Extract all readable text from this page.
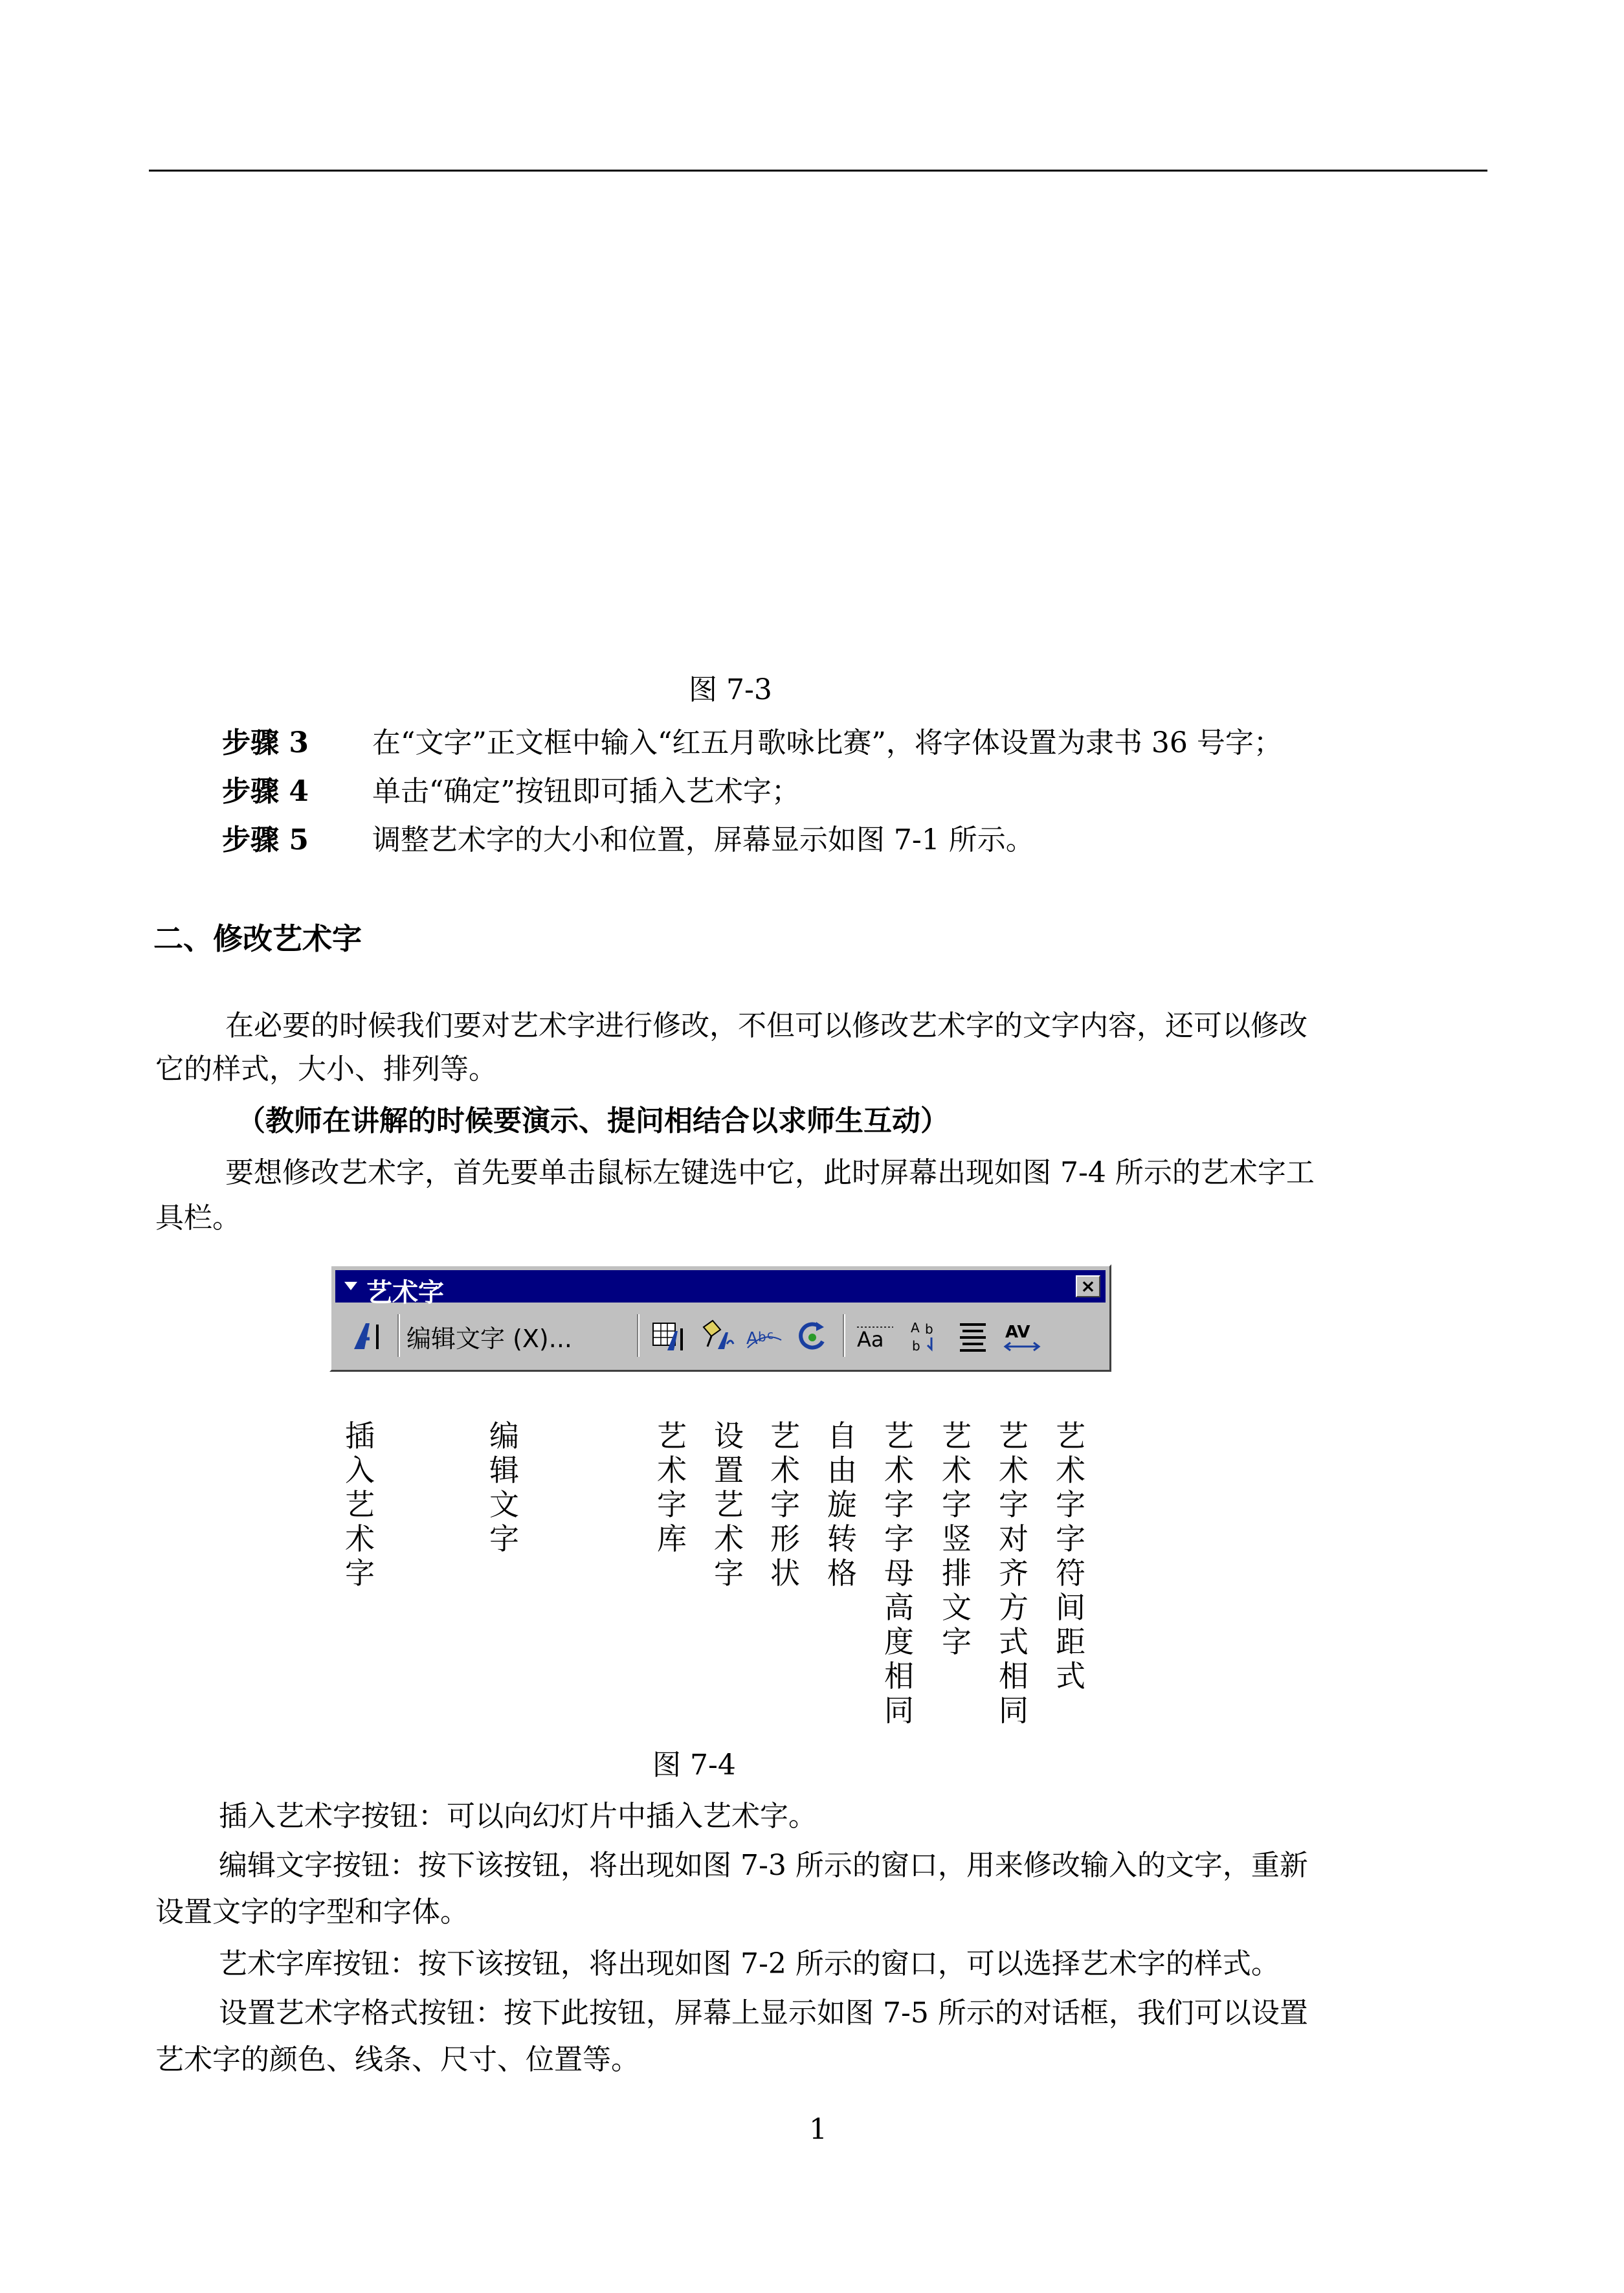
图 7-3
步骤 3 在“文字”正文框中输入“红五月歌咏比赛”，将字体设置为隶书 36 号字；
步骤 4 单击“确定”按钮即可插入艺术字；
步骤 5 调整艺术字的大小和位置，屏幕显示如图 7-1 所示。
二、修改艺术字
在必要的时候我们要对艺术字进行修改，不但可以修改艺术字的文字内容，还可以修改
它的样式，大小、排列等。
（教师在讲解的时候要演示、提问相结合以求师生互动）
要想修改艺术字，首先要单击鼠标左键选中它，此时屏幕出现如图 7-4 所示的艺术字工
具栏。
艺术字	×
编辑文字 (X)...	A b c	Aa A b
b
AV
插入艺术字
编辑文字
艺术字库
设置艺术字
艺术字形状
自由旋转格
艺术字字母高度相同
艺术字竖排文字
艺术字对齐方式相同
艺术字字符间距式
图 7-4
插入艺术字按钮：可以向幻灯片中插入艺术字。
编辑文字按钮：按下该按钮，将出现如图 7-3 所示的窗口，用来修改输入的文字，重新
设置文字的字型和字体。
艺术字库按钮：按下该按钮，将出现如图 7-2 所示的窗口，可以选择艺术字的样式。
设置艺术字格式按钮：按下此按钮，屏幕上显示如图 7-5 所示的对话框，我们可以设置
艺术字的颜色、线条、尺寸、位置等。
1
